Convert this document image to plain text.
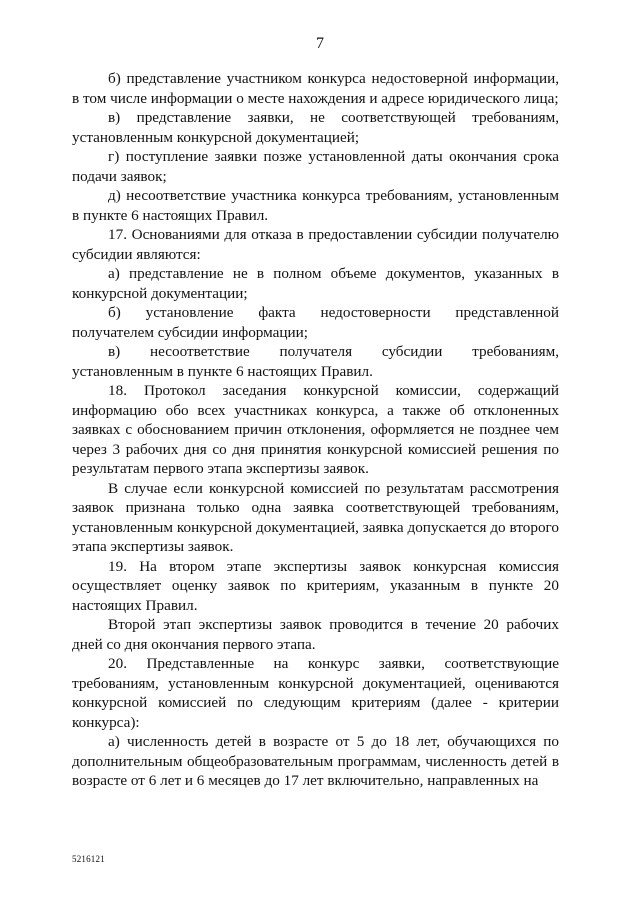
7

б) представление участником конкурса недостоверной информации, в том числе информации о месте нахождения и адресе юридического лица;

в) представление заявки, не соответствующей требованиям, установленным конкурсной документацией;

г) поступление заявки позже установленной даты окончания срока подачи заявок;

д) несоответствие участника конкурса требованиям, установленным в пункте 6 настоящих Правил.

17. Основаниями для отказа в предоставлении субсидии получателю субсидии являются:

а) представление не в полном объеме документов, указанных в конкурсной документации;

б) установление факта недостоверности представленной получателем субсидии информации;

в) несоответствие получателя субсидии требованиям, установленным в пункте 6 настоящих Правил.

18. Протокол заседания конкурсной комиссии, содержащий информацию обо всех участниках конкурса, а также об отклоненных заявках с обоснованием причин отклонения, оформляется не позднее чем через 3 рабочих дня со дня принятия конкурсной комиссией решения по результатам первого этапа экспертизы заявок.

В случае если конкурсной комиссией по результатам рассмотрения заявок признана только одна заявка соответствующей требованиям, установленным конкурсной документацией, заявка допускается до второго этапа экспертизы заявок.

19. На втором этапе экспертизы заявок конкурсная комиссия осуществляет оценку заявок по критериям, указанным в пункте 20 настоящих Правил.

Второй этап экспертизы заявок проводится в течение 20 рабочих дней со дня окончания первого этапа.

20. Представленные на конкурс заявки, соответствующие требованиям, установленным конкурсной документацией, оцениваются конкурсной комиссией по следующим критериям (далее - критерии конкурса):

а) численность детей в возрасте от 5 до 18 лет, обучающихся по дополнительным общеобразовательным программам, численность детей в возрасте от 6 лет и 6 месяцев до 17 лет включительно, направленных на

5216121
